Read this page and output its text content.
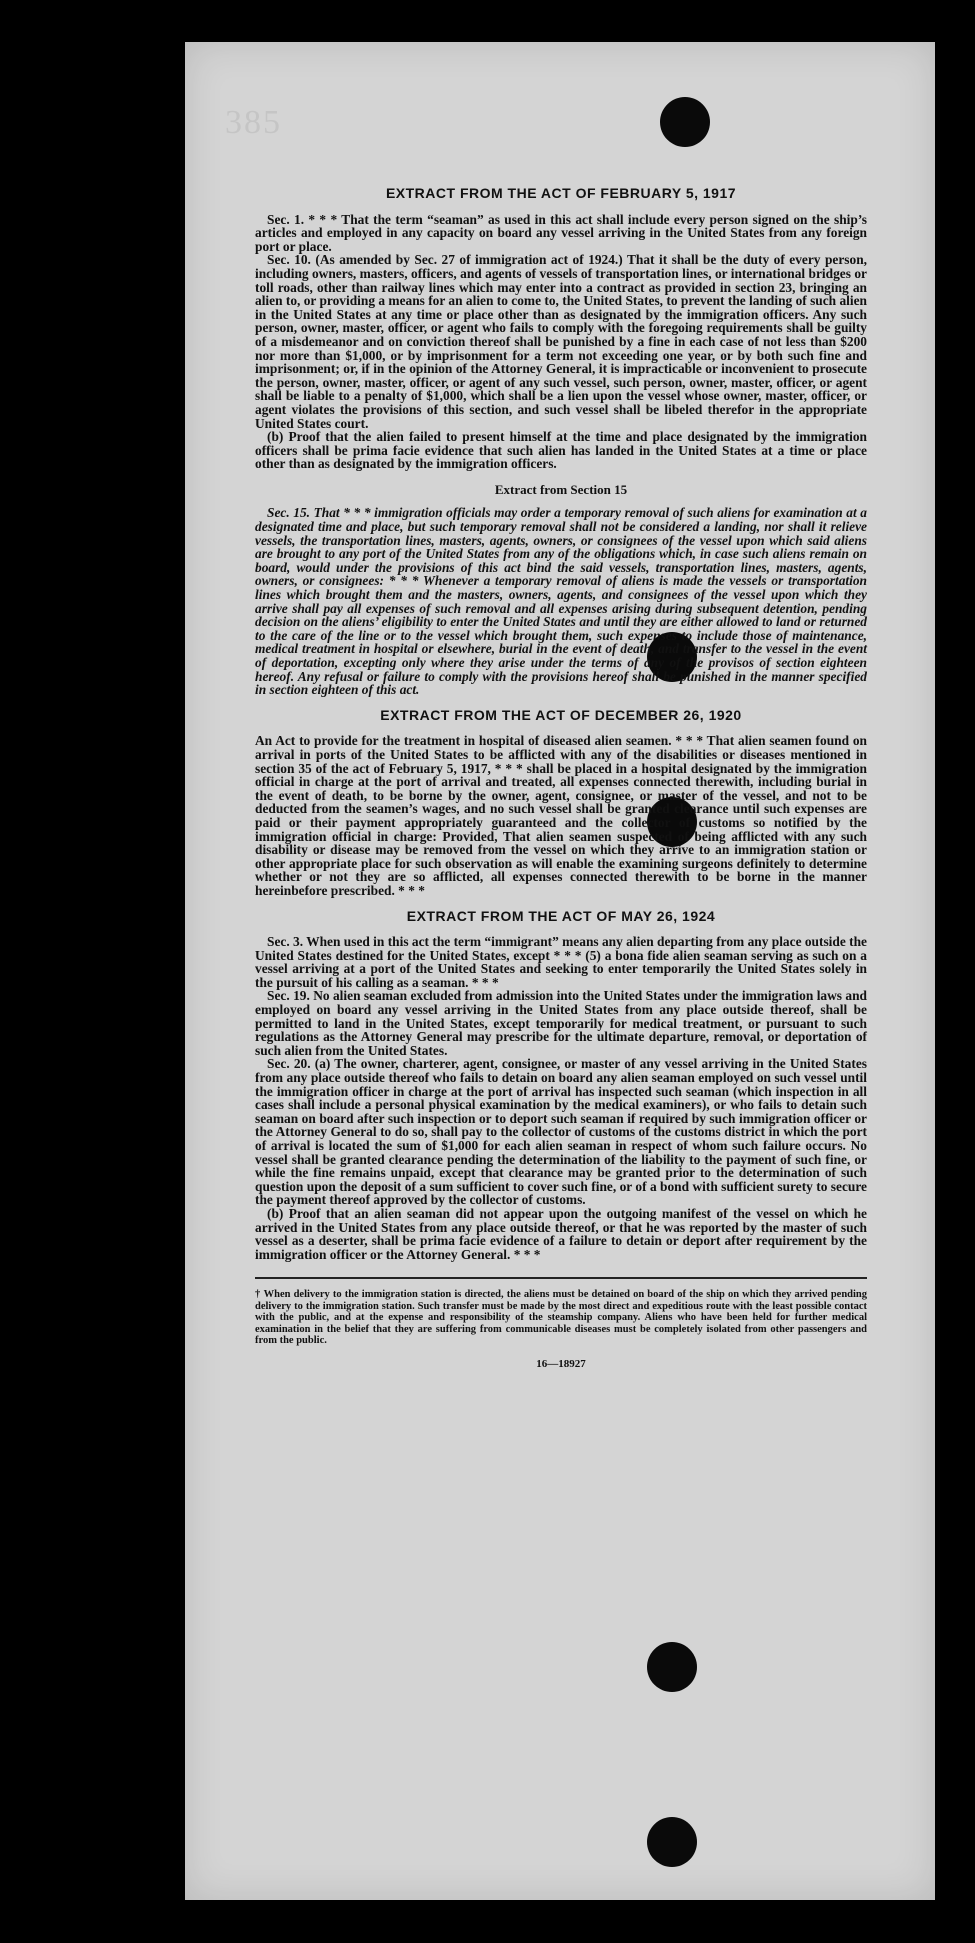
385
EXTRACT FROM THE ACT OF FEBRUARY 5, 1917

Sec. 1. * * * That the term “seaman” as used in this act shall include every person signed on the ship’s articles and employed in any capacity on board any vessel arriving in the United States from any foreign port or place.

Sec. 10. (As amended by Sec. 27 of immigration act of 1924.) That it shall be the duty of every person, including owners, masters, officers, and agents of vessels of transportation lines, or international bridges or toll roads, other than railway lines which may enter into a contract as provided in section 23, bringing an alien to, or providing a means for an alien to come to, the United States, to prevent the landing of such alien in the United States at any time or place other than as designated by the immigration officers. Any such person, owner, master, officer, or agent who fails to comply with the foregoing requirements shall be guilty of a misdemeanor and on conviction thereof shall be punished by a fine in each case of not less than $200 nor more than $1,000, or by imprisonment for a term not exceeding one year, or by both such fine and imprisonment; or, if in the opinion of the Attorney General, it is impracticable or inconvenient to prosecute the person, owner, master, officer, or agent of any such vessel, such person, owner, master, officer, or agent shall be liable to a penalty of $1,000, which shall be a lien upon the vessel whose owner, master, officer, or agent violates the provisions of this section, and such vessel shall be libeled therefor in the appropriate United States court.

(b) Proof that the alien failed to present himself at the time and place designated by the immigration officers shall be prima facie evidence that such alien has landed in the United States at a time or place other than as designated by the immigration officers.

Extract from Section 15

Sec. 15. That * * * immigration officials may order a temporary removal of such aliens for examination at a designated time and place, but such temporary removal shall not be considered a landing, nor shall it relieve vessels, the transportation lines, masters, agents, owners, or consignees of the vessel upon which said aliens are brought to any port of the United States from any of the obligations which, in case such aliens remain on board, would under the provisions of this act bind the said vessels, transportation lines, masters, agents, owners, or consignees: * * * Whenever a temporary removal of aliens is made the vessels or transportation lines which brought them and the masters, owners, agents, and consignees of the vessel upon which they arrive shall pay all expenses of such removal and all expenses arising during subsequent detention, pending decision on the aliens’ eligibility to enter the United States and until they are either allowed to land or returned to the care of the line or to the vessel which brought them, such expenses to include those of maintenance, medical treatment in hospital or elsewhere, burial in the event of death, and transfer to the vessel in the event of deportation, excepting only where they arise under the terms of any of the provisos of section eighteen hereof. Any refusal or failure to comply with the provisions hereof shall be punished in the manner specified in section eighteen of this act.

EXTRACT FROM THE ACT OF DECEMBER 26, 1920

An Act to provide for the treatment in hospital of diseased alien seamen. * * * That alien seamen found on arrival in ports of the United States to be afflicted with any of the disabilities or diseases mentioned in section 35 of the act of February 5, 1917, * * * shall be placed in a hospital designated by the immigration official in charge at the port of arrival and treated, all expenses connected therewith, including burial in the event of death, to be borne by the owner, agent, consignee, or master of the vessel, and not to be deducted from the seamen’s wages, and no such vessel shall be granted clearance until such expenses are paid or their payment appropriately guaranteed and the collector of customs so notified by the immigration official in charge: Provided, That alien seamen suspected of being afflicted with any such disability or disease may be removed from the vessel on which they arrive to an immigration station or other appropriate place for such observation as will enable the examining surgeons definitely to determine whether or not they are so afflicted, all expenses connected therewith to be borne in the manner hereinbefore prescribed. * * *

EXTRACT FROM THE ACT OF MAY 26, 1924

Sec. 3. When used in this act the term “immigrant” means any alien departing from any place outside the United States destined for the United States, except * * * (5) a bona fide alien seaman serving as such on a vessel arriving at a port of the United States and seeking to enter temporarily the United States solely in the pursuit of his calling as a seaman. * * *

Sec. 19. No alien seaman excluded from admission into the United States under the immigration laws and employed on board any vessel arriving in the United States from any place outside thereof, shall be permitted to land in the United States, except temporarily for medical treatment, or pursuant to such regulations as the Attorney General may prescribe for the ultimate departure, removal, or deportation of such alien from the United States.

Sec. 20. (a) The owner, charterer, agent, consignee, or master of any vessel arriving in the United States from any place outside thereof who fails to detain on board any alien seaman employed on such vessel until the immigration officer in charge at the port of arrival has inspected such seaman (which inspection in all cases shall include a personal physical examination by the medical examiners), or who fails to detain such seaman on board after such inspection or to deport such seaman if required by such immigration officer or the Attorney General to do so, shall pay to the collector of customs of the customs district in which the port of arrival is located the sum of $1,000 for each alien seaman in respect of whom such failure occurs. No vessel shall be granted clearance pending the determination of the liability to the payment of such fine, or while the fine remains unpaid, except that clearance may be granted prior to the determination of such question upon the deposit of a sum sufficient to cover such fine, or of a bond with sufficient surety to secure the payment thereof approved by the collector of customs.

(b) Proof that an alien seaman did not appear upon the outgoing manifest of the vessel on which he arrived in the United States from any place outside thereof, or that he was reported by the master of such vessel as a deserter, shall be prima facie evidence of a failure to detain or deport after requirement by the immigration officer or the Attorney General. * * *

† When delivery to the immigration station is directed, the aliens must be detained on board of the ship on which they arrived pending delivery to the immigration station. Such transfer must be made by the most direct and expeditious route with the least possible contact with the public, and at the expense and responsibility of the steamship company. Aliens who have been held for further medical examination in the belief that they are suffering from communicable diseases must be completely isolated from other passengers and from the public.

16—18927
